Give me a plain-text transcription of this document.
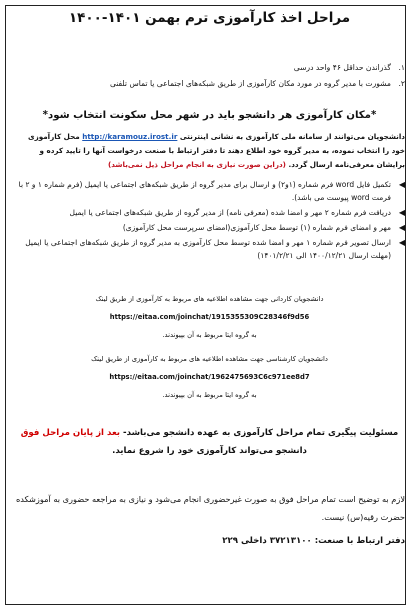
مراحل اخذ کارآموزی ترم بهمن ۱۴۰۱-۱۴۰۰
۱.
گذراندن حداقل ۴۶ واحد درسی
۲.
مشورت با مدیر گروه در مورد مکان کارآموزی از طریق شبکه‌های اجتماعی یا تماس تلفنی
*مکان کارآموزی هر دانشجو باید در شهر محل سکونت انتخاب شود*
دانشجویان می‌توانند از سامانه ملی کارآموزی به نشانی اینترنتی http://karamouz.irost.ir محل کارآموزی خود را انتخاب نموده، به مدیر گروه خود اطلاع دهند تا دفتر ارتباط با صنعت درخواست آنها را تایید کرده و برایشان معرفی‌نامه ارسال گردد. (دراین صورت نیازی به انجام مراحل ذیل نمی‌باشد)
◀
تکمیل فایل word فرم شماره (۱و۲) و ارسال برای مدیر گروه از طریق شبکه‌های اجتماعی یا ایمیل (فرم شماره ۱ و ۲ با فرمت word پیوست می باشد).
◀
دریافت فرم شماره ۲ مهر و امضا شده (معرفی نامه) از مدیر گروه از طریق شبکه‌های اجتماعی یا ایمیل
◀
مهر و امضای فرم شماره (۱) توسط محل کارآموزی(امضای سرپرست محل کارآموزی)
◀
ارسال تصویر فرم شماره ۱ مهر و امضا شده توسط محل کارآموزی به مدیر گروه از طریق شبکه‌های اجتماعی یا ایمیل (مهلت ارسال ۱۴۰۰/۱۲/۲۱ الی ۱۴۰۱/۲/۲۱)
دانشجویان کاردانی جهت مشاهده اطلاعیه های مربوط به کارآموزی از طریق لینک
https://eitaa.com/joinchat/1915355309C28346f9d56
به گروه ایتا مربوط به آن بپیوندند.
دانشجویان کارشناسی جهت مشاهده اطلاعیه های مربوط به کارآموزی از طریق لینک
https://eitaa.com/joinchat/1962475693C6c971ee8d7
به گروه ایتا مربوط به آن بپیوندند.
مسئولیت پیگیری تمام مراحل کارآموزی به عهده دانشجو می‌باشد- بعد از پایان مراحل فوق دانشجو می‌تواند کارآموزی خود را شروع نماید.
لازم به توضیح است تمام مراحل فوق به صورت غیرحضوری انجام می‌شود و نیازی به مراجعه حضوری به آموزشکده حضرت رقیه(س) نیست.
دفتر ارتباط با صنعت: ۳۷۲۱۳۱۰۰ داخلی ۲۲۹
